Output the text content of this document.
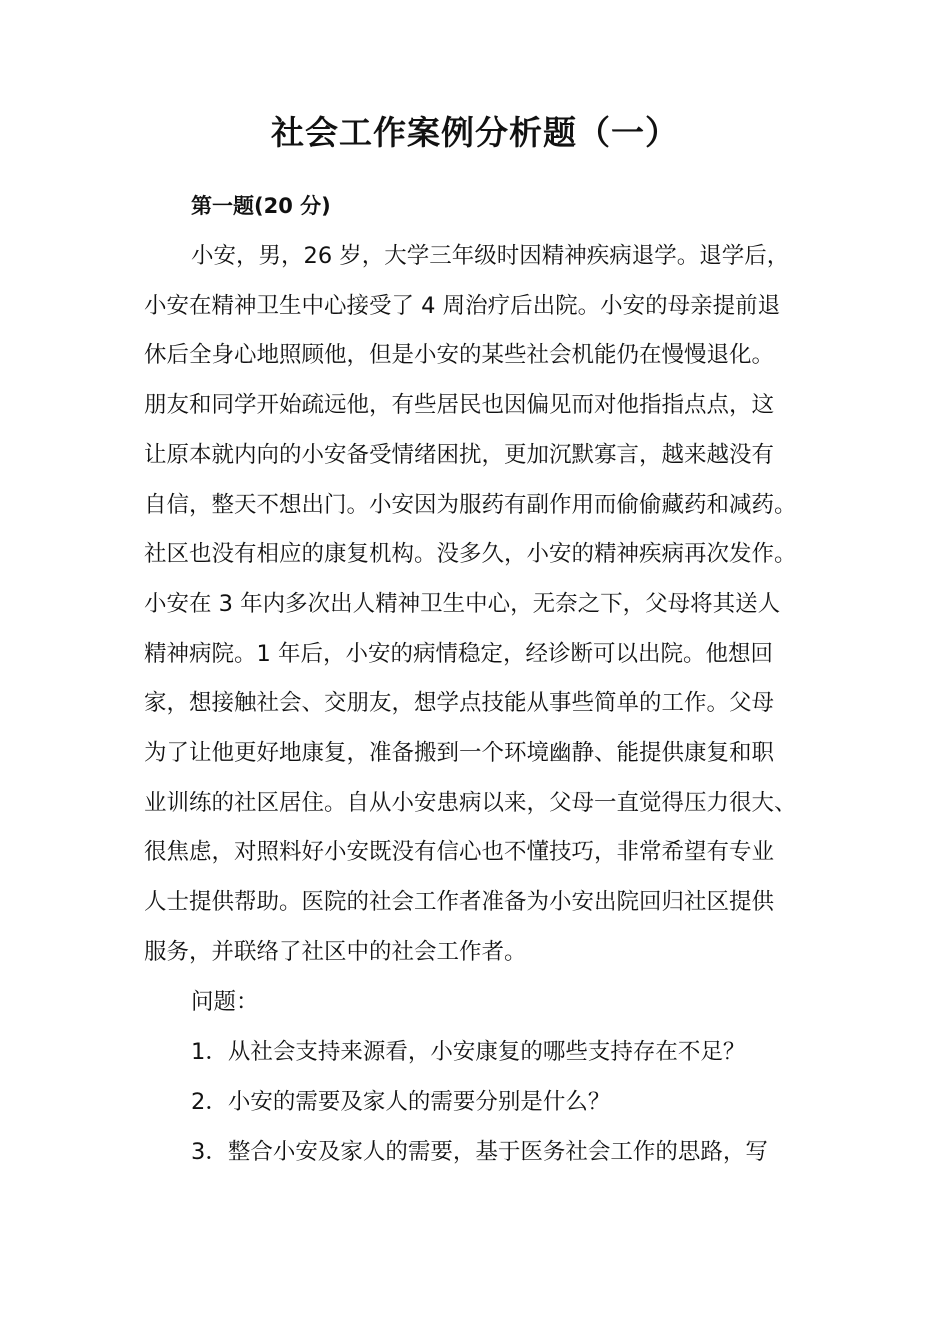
社会工作案例分析题（一）
第一题(20 分)
小安，男，26 岁，大学三年级时因精神疾病退学。退学后，
小安在精神卫生中心接受了 4 周治疗后出院。小安的母亲提前退
休后全身心地照顾他，但是小安的某些社会机能仍在慢慢退化。
朋友和同学开始疏远他，有些居民也因偏见而对他指指点点，这
让原本就内向的小安备受情绪困扰，更加沉默寡言，越来越没有
自信，整天不想出门。小安因为服药有副作用而偷偷藏药和减药。
社区也没有相应的康复机构。没多久，小安的精神疾病再次发作。
小安在 3 年内多次出人精神卫生中心，无奈之下，父母将其送人
精神病院。1 年后，小安的病情稳定，经诊断可以出院。他想回
家，想接触社会、交朋友，想学点技能从事些简单的工作。父母
为了让他更好地康复，准备搬到一个环境幽静、能提供康复和职
业训练的社区居住。自从小安患病以来，父母一直觉得压力很大、
很焦虑，对照料好小安既没有信心也不懂技巧，非常希望有专业
人士提供帮助。医院的社会工作者准备为小安出院回归社区提供
服务，并联络了社区中的社会工作者。
问题：
1．从社会支持来源看，小安康复的哪些支持存在不足？
2．小安的需要及家人的需要分别是什么？
3．整合小安及家人的需要，基于医务社会工作的思路，写
